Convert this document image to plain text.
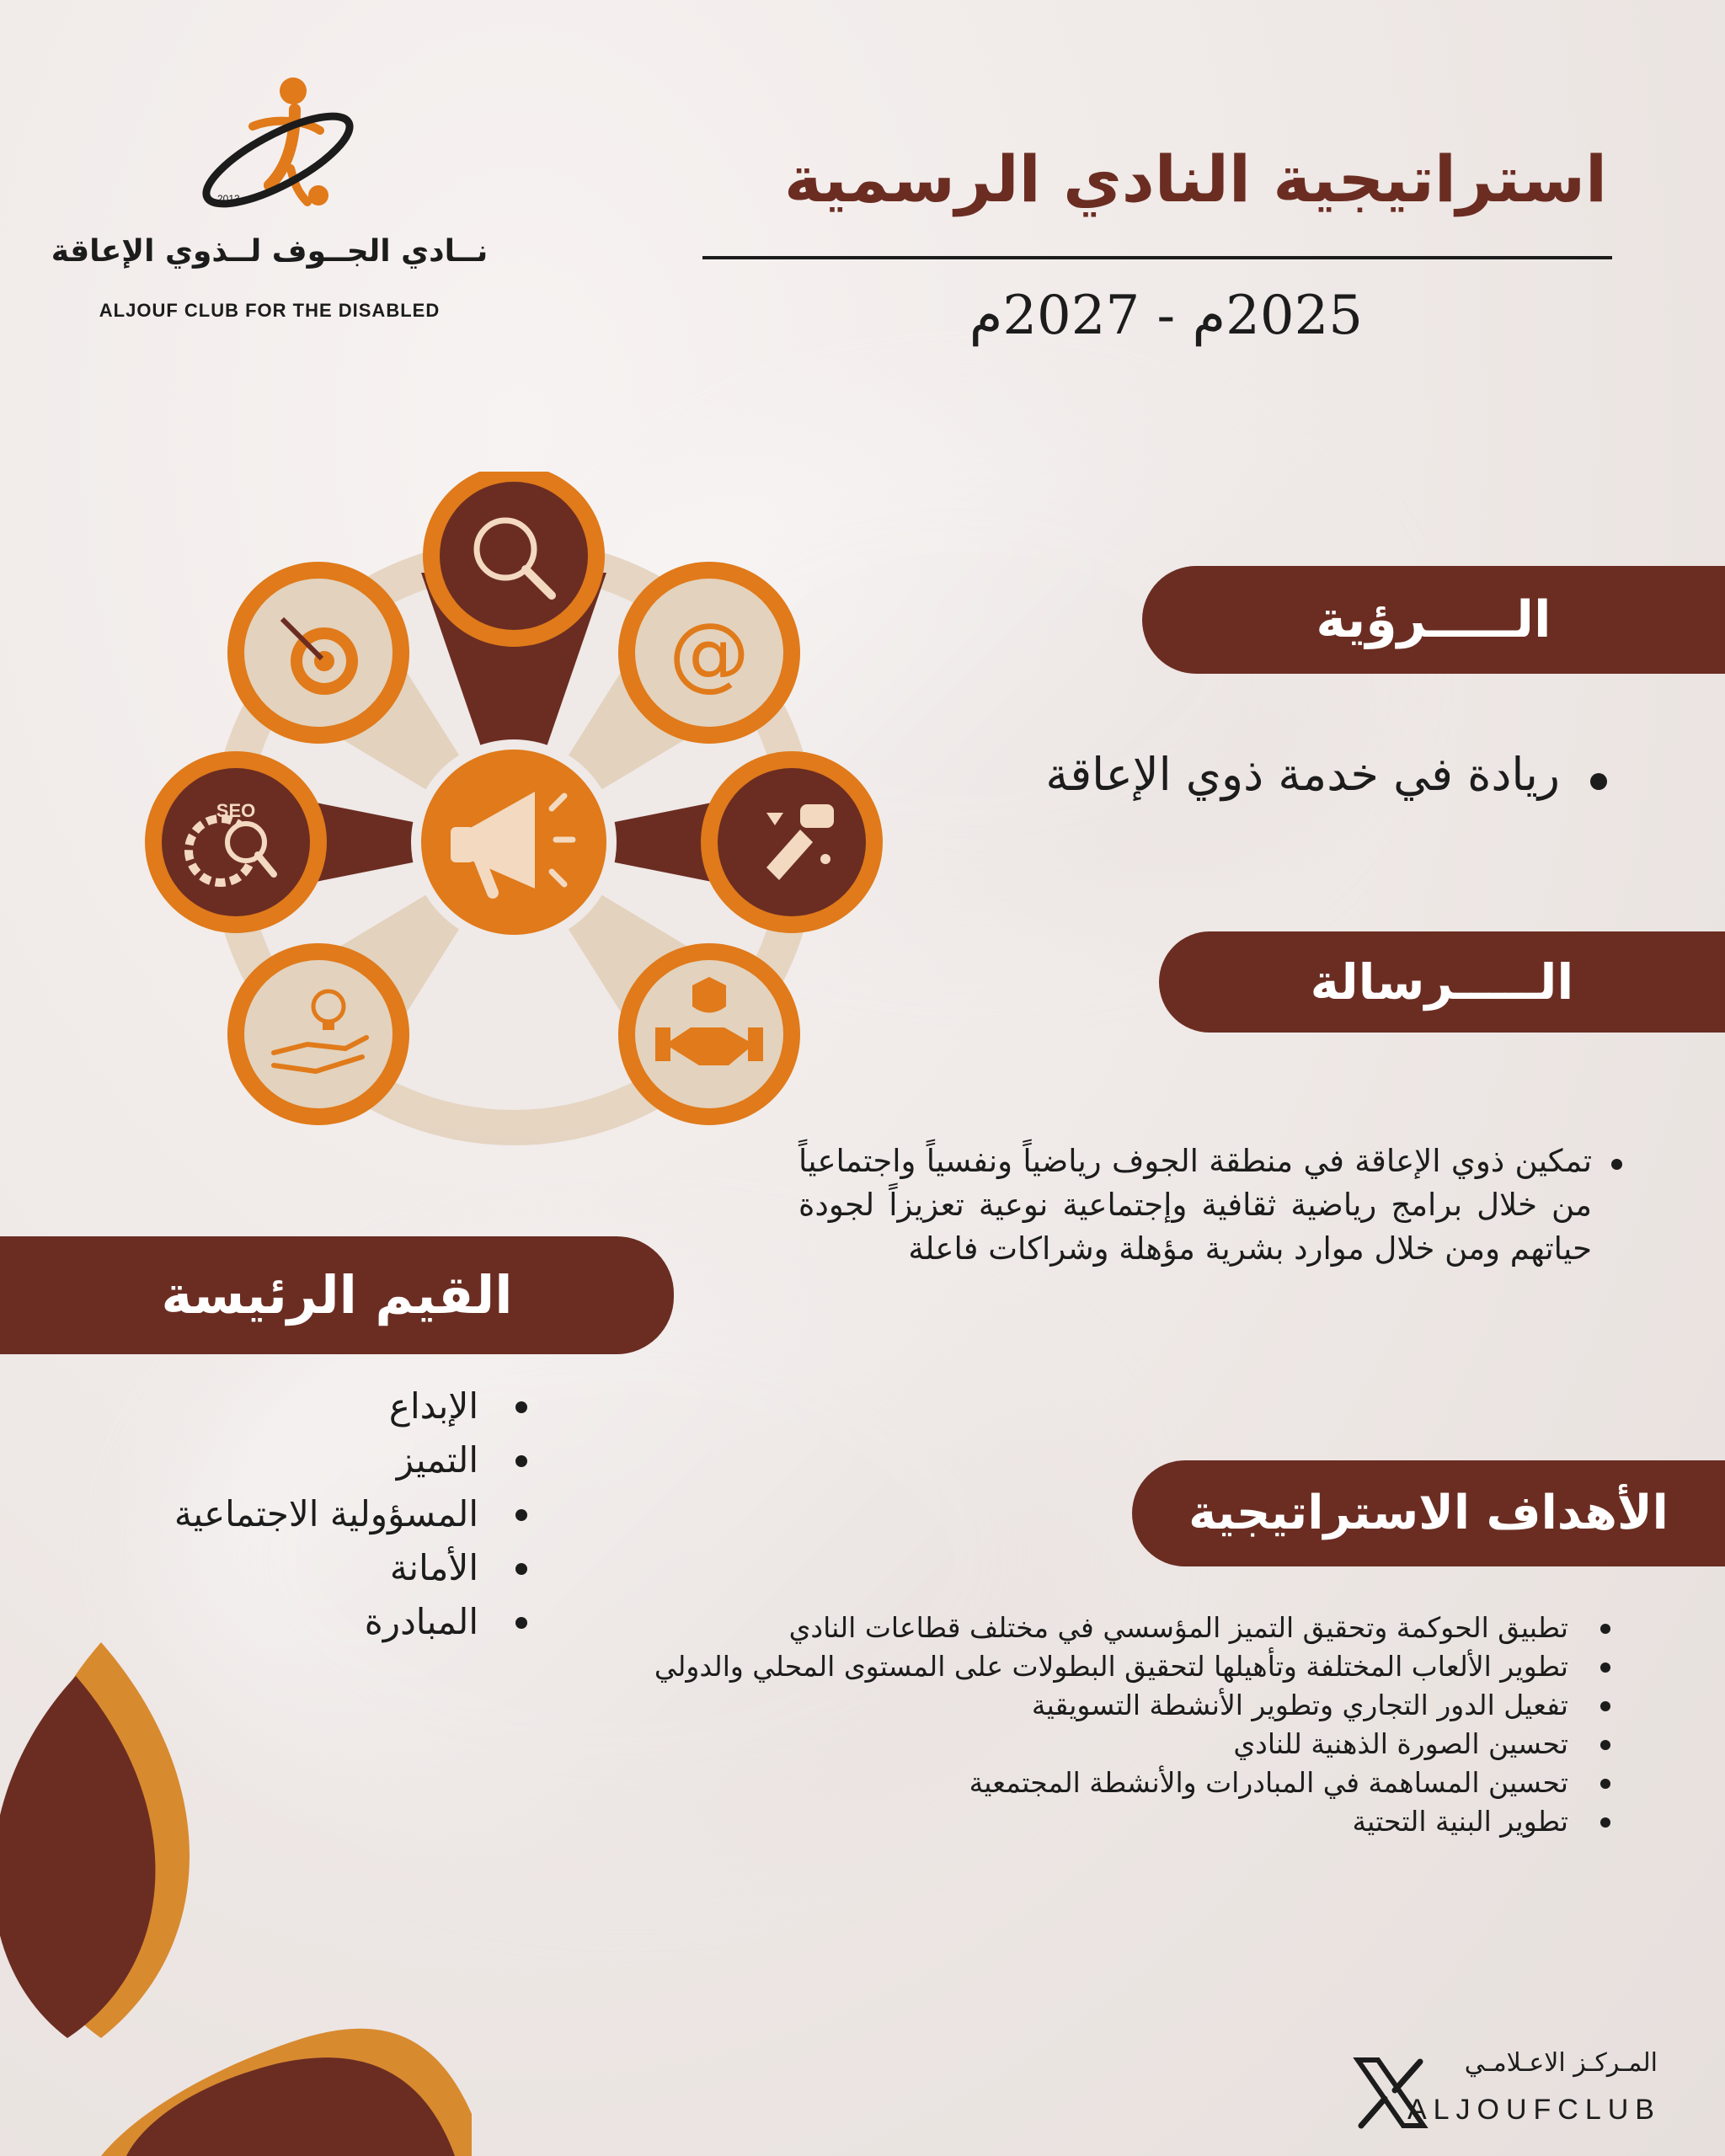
2013
نــادي الجــوف لــذوي الإعاقة
ALJOUF CLUB FOR THE DISABLED
استراتيجية النادي الرسمية
2025م - 2027م
@
SEO
الـــــرؤية
ريادة في خدمة ذوي الإعاقة
الـــــرسالة
تمكين ذوي الإعاقة في منطقة الجوف رياضياً ونفسياً واجتماعياً من خلال برامج رياضية ثقافية وإجتماعية نوعية تعزيزاً لجودة حياتهم ومن خلال موارد بشرية مؤهلة وشراكات فاعلة
القيم الرئيسة
الإبداع
التميز
المسؤولية الاجتماعية
الأمانة
المبادرة
الأهداف الاستراتيجية
تطبيق الحوكمة وتحقيق التميز المؤسسي في مختلف قطاعات النادي
تطوير الألعاب المختلفة وتأهيلها لتحقيق البطولات على المستوى المحلي والدولي
تفعيل الدور التجاري وتطوير الأنشطة التسويقية
تحسين الصورة الذهنية للنادي
تحسين المساهمة في المبادرات والأنشطة المجتمعية
تطوير البنية التحتية
المـركـز الاعـلامـي
ALJOUFCLUB
